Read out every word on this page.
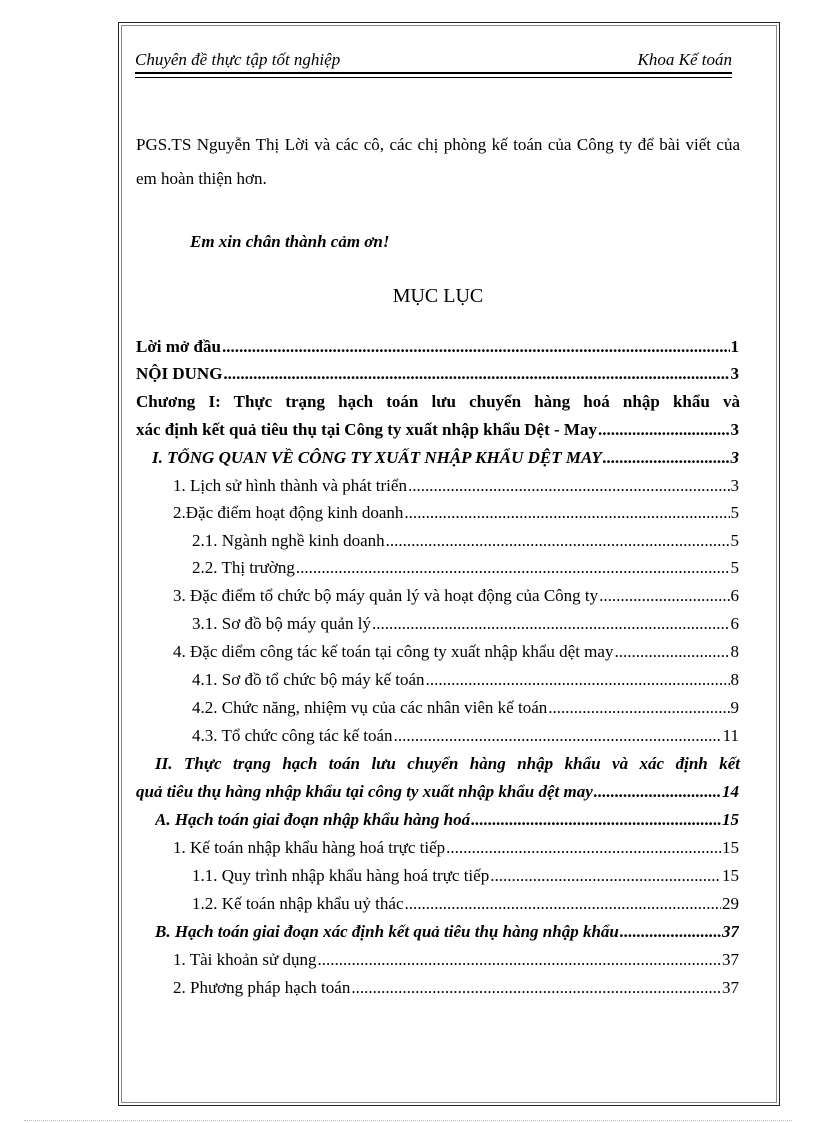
Chuyên đề thực tập tốt nghiệp	Khoa Kế toán

PGS.TS Nguyễn Thị Lời và các cô, các chị phòng kế toán của Công ty để bài viết của em hoàn thiện hơn.

Em xin chân thành cảm ơn!
MỤC LỤC
Lời mở đầu .....	1
NỘI DUNG .....	3
Chương I: Thực trạng hạch toán lưu chuyển hàng hoá nhập khẩu và
xác định kết quả tiêu thụ tại Công ty xuất nhập khẩu Dệt - May .....	3
I. TỔNG QUAN VỀ CÔNG TY XUẤT NHẬP KHẨU DỆT MAY .....	3
1. Lịch sử hình thành và phát triển .....	3
2.Đặc điểm hoạt động kinh doanh .....	5
2.1. Ngành nghề kinh doanh .....	5
2.2. Thị trường .....	5
3. Đặc điểm tổ chức bộ máy quản lý và hoạt động của Công ty .....	6
3.1. Sơ đồ bộ máy quản lý .....	6
4. Đặc diểm công tác kế toán tại công ty xuất nhập khẩu dệt may .....	8
4.1. Sơ đồ tổ chức bộ máy kế toán .....	8
4.2. Chức năng, nhiệm vụ của các nhân viên kế toán .....	9
4.3. Tổ chức công tác kế toán .....	11
II. Thực trạng hạch toán lưu chuyển hàng nhập khẩu và xác định kết
quả tiêu thụ hàng nhập khẩu tại công ty xuất nhập khẩu dệt may .....	14
A. Hạch toán giai đoạn nhập khẩu hàng hoá .....	15
1. Kế toán nhập khẩu hàng hoá trực tiếp .....	15
1.1. Quy trình nhập khẩu hàng hoá trực tiếp .....	15
1.2. Kế toán nhập khẩu uỷ thác .....	29
B. Hạch toán giai đoạn xác định kết quả tiêu thụ hàng nhập khẩu .....	37
1. Tài khoản sử dụng .....	37
2. Phương pháp hạch toán .....	37
